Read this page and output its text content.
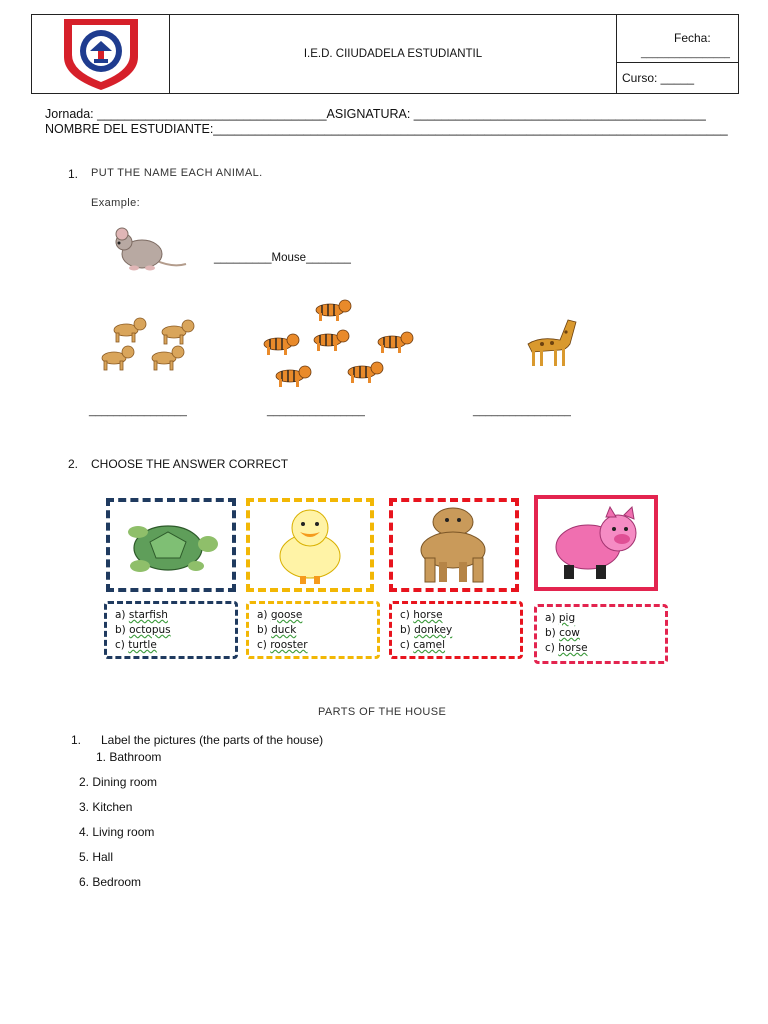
I.E.D. CIIUDADELA ESTUDIANTIL
Fecha:
________________
Curso: _____
Jornada: _________________________________ASIGNATURA: __________________________________________
NOMBRE DEL ESTUDIANTE:__________________________________________________________________________
1. PUT THE NAME EACH ANIMAL.
Example:
_________Mouse_______
________________	________________	________________
2. CHOOSE THE ANSWER CORRECT
a) starfish
b) octopus
c) turtle
a) goose
b) duck
c) rooster
c) horse
b) donkey
c) camel
a) pig
b) cow
c) horse
PARTS OF THE HOUSE
1. Label the pictures (the parts of the house)
1. Bathroom
2. Dining room
3. Kitchen
4. Living room
5. Hall
6. Bedroom
